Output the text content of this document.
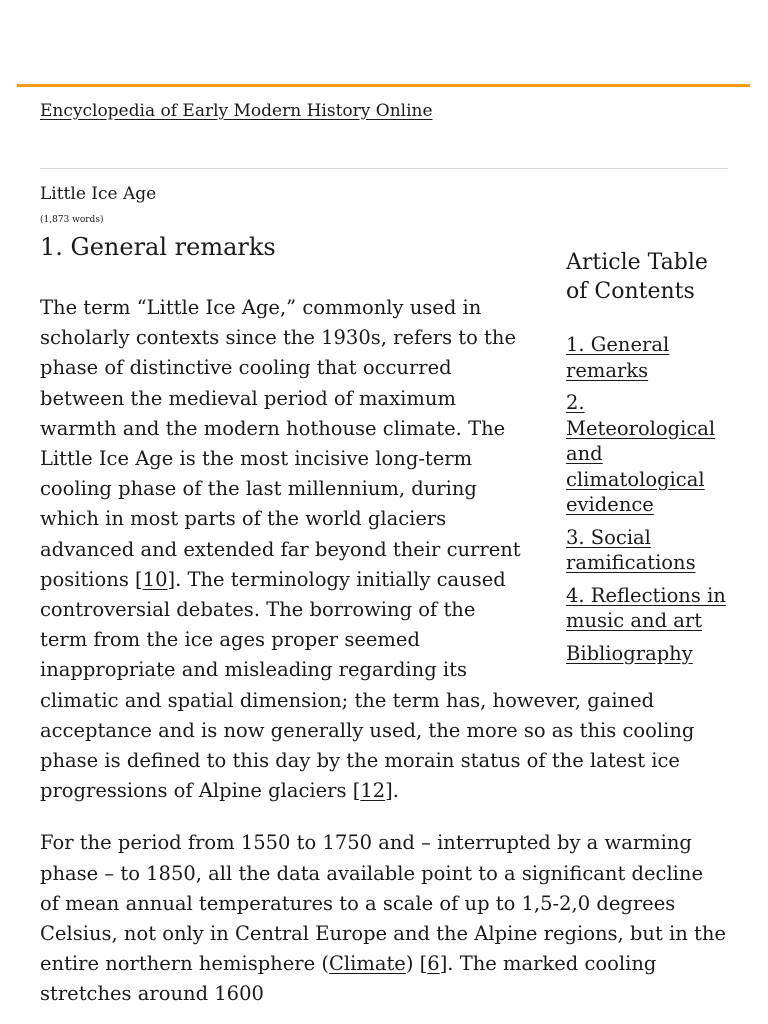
Encyclopedia of Early Modern History Online
Little Ice Age
(1,873 words)
1. General remarks
Article Table of Contents
1. General remarks
2. Meteorological and climatological evidence
3. Social ramifications
4. Reflections in music and art
Bibliography

The term “Little Ice Age,” commonly used in scholarly contexts since the 1930s, refers to the phase of distinctive cooling that occurred between the medieval period of maximum warmth and the modern hothouse climate. The Little Ice Age is the most incisive long-term cooling phase of the last millennium, during which in most parts of the world glaciers advanced and extended far beyond their current positions [10]. The terminology initially caused controversial debates. The borrowing of the term from the ice ages proper seemed inappropriate and misleading regarding its climatic and spatial dimension; the term has, however, gained acceptance and is now generally used, the more so as this cooling phase is defined to this day by the morain status of the latest ice progressions of Alpine glaciers [12].

For the period from 1550 to 1750 and – interrupted by a warming phase – to 1850, all the data available point to a significant decline of mean annual temperatures to a scale of up to 1,5-2,0 degrees Celsius, not only in Central Europe and the Alpine regions, but in the entire northern hemisphere (Climate) [6]. The marked cooling stretches around 1600
